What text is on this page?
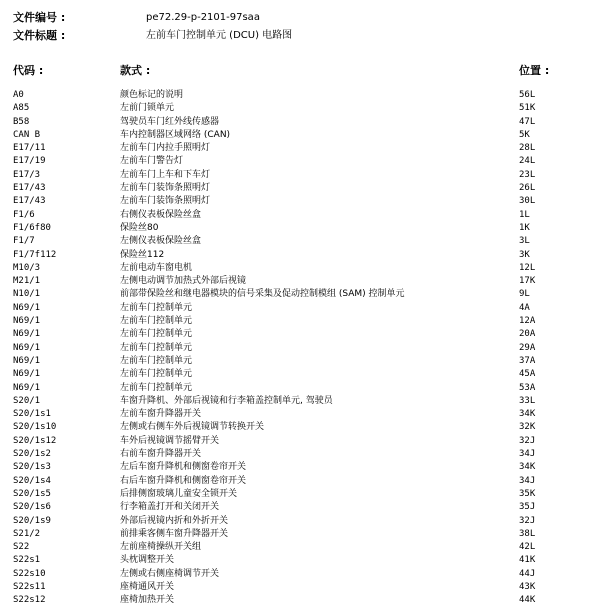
文件编号 :	pe72.29-p-2101-97saa
文件标题 :	左前车门控制单元 (DCU) 电路图
代码 :	款式 :	位置 :
A0	颜色标记的说明	56L
A85	左前门锁单元	51K
B58	驾驶员车门红外线传感器	47L
CAN B	车内控制器区域网络 (CAN)	5K
E17/11	左前车门内拉手照明灯	28L
E17/19	左前车门警告灯	24L
E17/3	左前车门上车和下车灯	23L
E17/43	左前车门装饰条照明灯	26L
E17/43	左前车门装饰条照明灯	30L
F1/6	右侧仪表板保险丝盒	1L
F1/6f80	保险丝80	1K
F1/7	左侧仪表板保险丝盒	3L
F1/7f112	保险丝112	3K
M10/3	左前电动车窗电机	12L
M21/1	左侧电动调节加热式外部后视镜	17K
N10/1	前部带保险丝和继电器模块的信号采集及促动控制模组 (SAM) 控制单元	9L
N69/1	左前车门控制单元	4A
N69/1	左前车门控制单元	12A
N69/1	左前车门控制单元	20A
N69/1	左前车门控制单元	29A
N69/1	左前车门控制单元	37A
N69/1	左前车门控制单元	45A
N69/1	左前车门控制单元	53A
S20/1	车窗升降机、外部后视镜和行李箱盖控制单元, 驾驶员	33L
S20/1s1	左前车窗升降器开关	34K
S20/1s10	左侧或右侧车外后视镜调节转换开关	32K
S20/1s12	车外后视镜调节摇臂开关	32J
S20/1s2	右前车窗升降器开关	34J
S20/1s3	左后车窗升降机和侧窗卷帘开关	34K
S20/1s4	右后车窗升降机和侧窗卷帘开关	34J
S20/1s5	后排侧窗玻璃儿童安全锁开关	35K
S20/1s6	行李箱盖打开和关闭开关	35J
S20/1s9	外部后视镜内折和外折开关	32J
S21/2	前排乘客侧车窗升降器开关	38L
S22	左前座椅操纵开关组	42L
S22s1	头枕调整开关	41K
S22s10	左侧或右侧座椅调节开关	44J
S22s11	座椅通风开关	43K
S22s12	座椅加热开关	44K
